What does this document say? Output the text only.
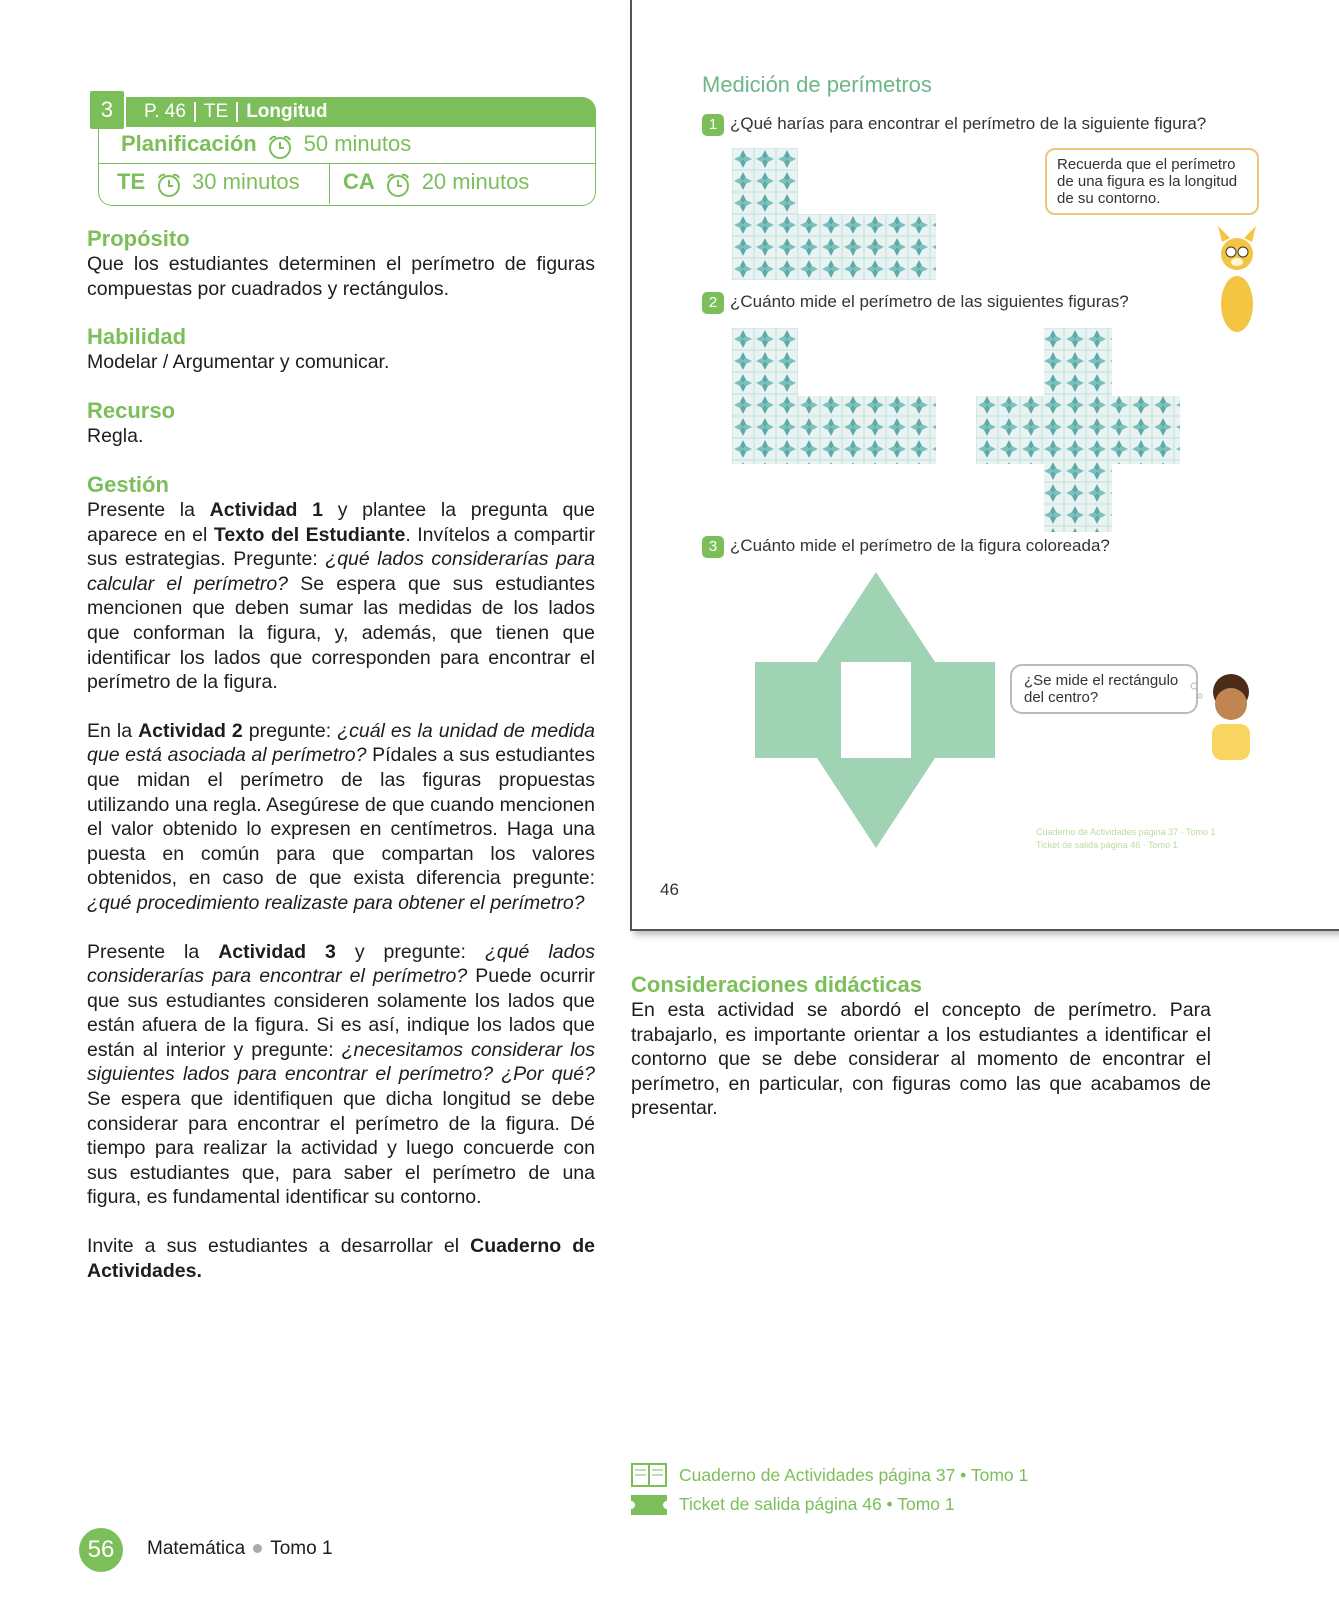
3	P. 46 TE Longitud
Planificación 50 minutos
TE 30 minutos CA 20 minutos
Propósito

Que los estudiantes determinen el perímetro de figuras compuestas por cuadrados y rectángulos.

Habilidad

Modelar / Argumentar y comunicar.

Recurso

Regla.

Gestión

Presente la Actividad 1 y plantee la pregunta que aparece en el Texto del Estudiante. Invítelos a compartir sus estrategias. Pregunte: ¿qué lados considerarías para calcular el perímetro? Se espera que sus estudiantes mencionen que deben sumar las medidas de los lados que conforman la figura, y, además, que tienen que identificar los lados que corresponden para encontrar el perímetro de la figura.

En la Actividad 2 pregunte: ¿cuál es la unidad de medida que está asociada al perímetro? Pídales a sus estudiantes que midan el perímetro de las figuras propuestas utilizando una regla. Asegúrese de que cuando mencionen el valor obtenido lo expresen en centímetros. Haga una puesta en común para que compartan los valores obtenidos, en caso de que exista diferencia pregunte: ¿qué procedimiento realizaste para obtener el perímetro?

Presente la Actividad 3 y pregunte: ¿qué lados considerarías para encontrar el perímetro? Puede ocurrir que sus estudiantes consideren solamente los lados que están afuera de la figura. Si es así, indique los lados que están al interior y pregunte: ¿necesitamos considerar los siguientes lados para encontrar el perímetro? ¿Por qué? Se espera que identifiquen que dicha longitud se debe considerar para encontrar el perímetro de la figura. Dé tiempo para realizar la actividad y luego concuerde con sus estudiantes que, para saber el perímetro de una figura, es fundamental identificar su contorno.

Invite a sus estudiantes a desarrollar el Cuaderno de Actividades.

Medición de perímetros
1 ¿Qué harías para encontrar el perímetro de la siguiente figura?
Recuerda que el perímetro de una figura es la longitud de su contorno.
2 ¿Cuánto mide el perímetro de las siguientes figuras?
3 ¿Cuánto mide el perímetro de la figura coloreada?
¿Se mide el rectángulo del centro?
Cuaderno de Actividades página 37 · Tomo 1
Ticket de salida página 46 · Tomo 1
46
Consideraciones didácticas

En esta actividad se abordó el concepto de perímetro. Para trabajarlo, es importante orientar a los estudiantes a identificar el contorno que se debe considerar al momento de encontrar el perímetro, en particular, con figuras como las que acabamos de presentar.

Cuaderno de Actividades página 37 • Tomo 1
Ticket de salida página 46 • Tomo 1
56	Matemática Tomo 1
